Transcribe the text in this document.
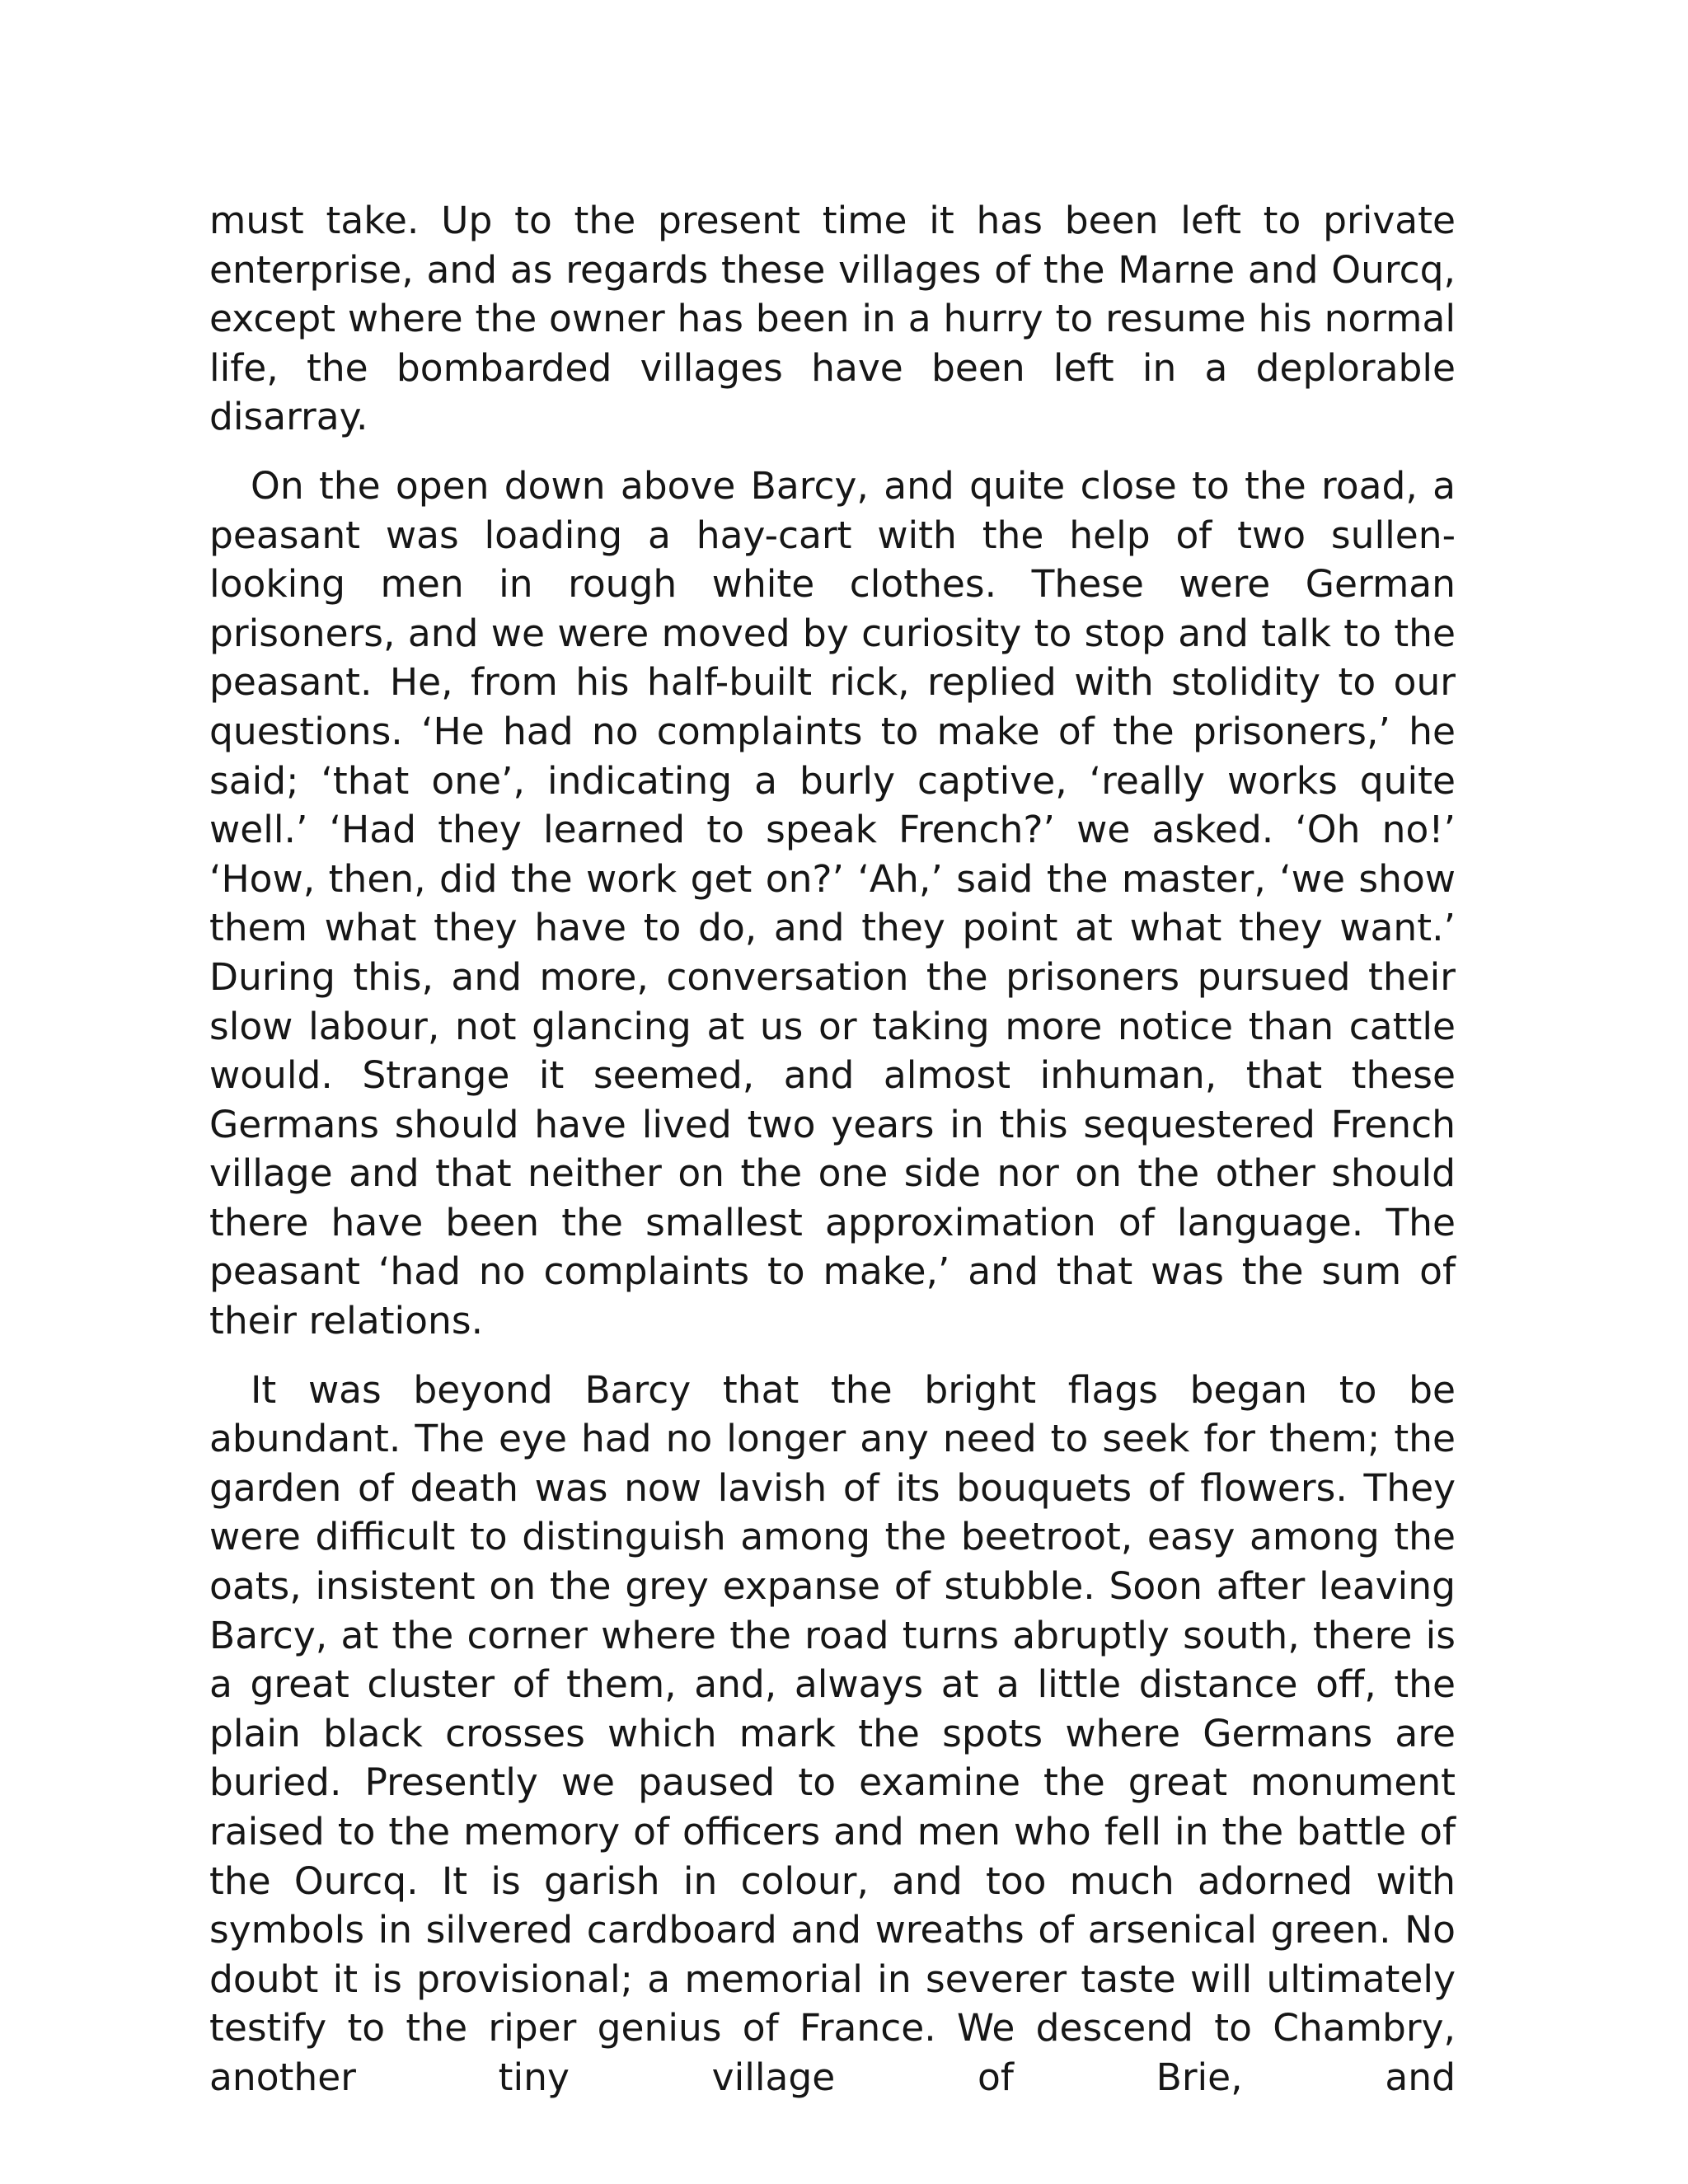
must take. Up to the present time it has been left to private enterprise, and as regards these villages of the Marne and Ourcq, except where the owner has been in a hurry to resume his normal life, the bombarded villages have been left in a deplorable disarray.

On the open down above Barcy, and quite close to the road, a peasant was loading a hay-cart with the help of two sullen-looking men in rough white clothes. These were German prisoners, and we were moved by curiosity to stop and talk to the peasant. He, from his half-built rick, replied with stolidity to our questions. ‘He had no complaints to make of the prisoners,’ he said; ‘that one’, indicating a burly captive, ‘really works quite well.’ ‘Had they learned to speak French?’ we asked. ‘Oh no!’ ‘How, then, did the work get on?’ ‘Ah,’ said the master, ‘we show them what they have to do, and they point at what they want.’ During this, and more, conversation the prisoners pursued their slow labour, not glancing at us or taking more notice than cattle would. Strange it seemed, and almost inhuman, that these Germans should have lived two years in this sequestered French village and that neither on the one side nor on the other should there have been the smallest approximation of language. The peasant ‘had no complaints to make,’ and that was the sum of their relations.

It was beyond Barcy that the bright flags began to be abundant. The eye had no longer any need to seek for them; the garden of death was now lavish of its bouquets of flowers. They were difficult to distinguish among the beetroot, easy among the oats, insistent on the grey expanse of stubble. Soon after leaving Barcy, at the corner where the road turns abruptly south, there is a great cluster of them, and, always at a little distance off, the plain black crosses which mark the spots where Germans are buried. Presently we paused to examine the great monument raised to the memory of officers and men who fell in the battle of the Ourcq. It is garish in colour, and too much adorned with symbols in silvered cardboard and wreaths of arsenical green. No doubt it is provisional; a memorial in severer taste will ultimately testify to the riper genius of France. We descend to Chambry, another tiny village of Brie, and
